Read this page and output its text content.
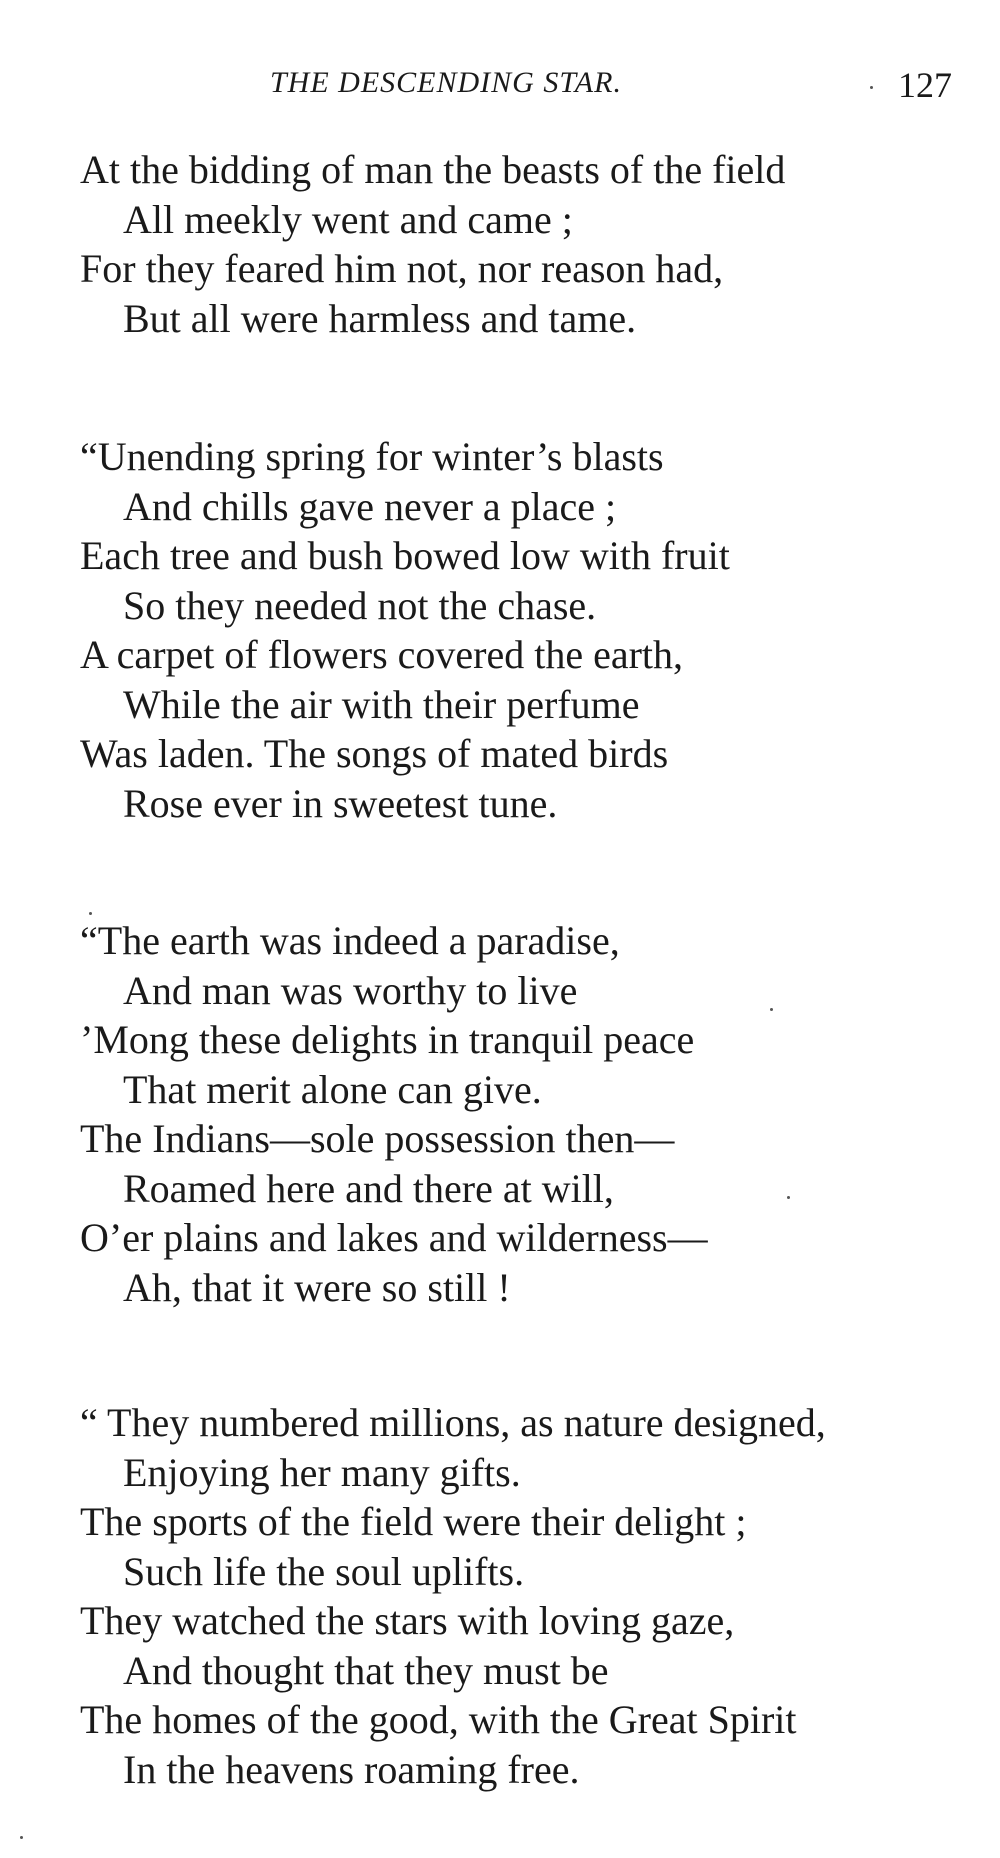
THE DESCENDING STAR.	127
At the bidding of man the beasts of the field
All meekly went and came ;
For they feared him not, nor reason had,
But all were harmless and tame.
“Unending spring for winter’s blasts
And chills gave never a place ;
Each tree and bush bowed low with fruit
So they needed not the chase.
A carpet of flowers covered the earth,
While the air with their perfume
Was laden. The songs of mated birds
Rose ever in sweetest tune.
“The earth was indeed a paradise,
And man was worthy to live
’Mong these delights in tranquil peace
That merit alone can give.
The Indians—sole possession then—
Roamed here and there at will,
O’er plains and lakes and wilderness—
Ah, that it were so still !
“ They numbered millions, as nature designed,
Enjoying her many gifts.
The sports of the field were their delight ;
Such life the soul uplifts.
They watched the stars with loving gaze,
And thought that they must be
The homes of the good, with the Great Spirit
In the heavens roaming free.
